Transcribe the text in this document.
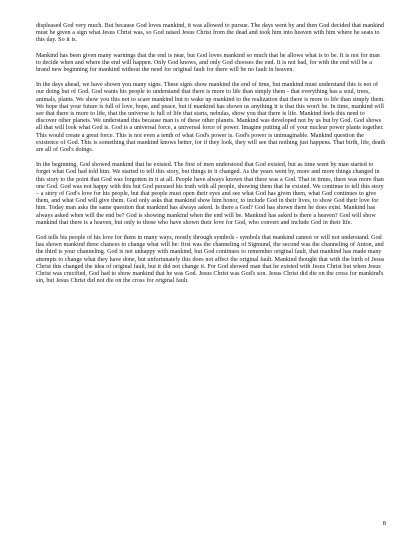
displeased God very much. But because God loves mankind, it was allowed to pursue. The days went by and then God decided that mankind must be given a sign what Jesus Christ was, so God raised Jesus Christ from the dead and took him into heaven with him where he seats to this day. So it is.

Mankind has been given many warnings that the end is near, but God loves mankind so much that he allows what is to be. It is not for man to decide when and where the end will happen. Only God knows, and only God chooses the end. It is not bad, for with the end will be a brand new beginning for mankind without the need for original fault for there will be no fault in heaven.

In the days ahead, we have shown you many signs. These signs show mankind the end of time, but mankind must understand this is not of our doing but of God. God wants his people to understand that there is more to life than simply them - that everything has a soul, trees, animals, plants. We show you this not to scare mankind but to wake up mankind to the realization that there is more to life than simply them. We hope that your future is full of love, hope, and peace, but if mankind has shown us anything it is that this won't be. In time, mankind will see that there is more to life, that the universe is full of life that starts, nebulas, show you that there is life. Mankind feels this need to discover other planets. We understand this because man is of these other planets. Mankind was developed not by us but by God. God shows all that will look what God is. God is a universal force, a universal force of power. Imagine putting all of your nuclear power plants together. This would create a great force. This is not even a tenth of what God's power is. God's power is unimaginable. Mankind question the existence of God. This is something that mankind knows better, for if they look, they will see that nothing just happens. That birth, life, death are all of God's doings.

In the beginning, God showed mankind that he existed. The first of men understood that God existed, but as time went by man started to forget what God had told him. We started to tell this story, but things in it changed. As the years went by, more and more things changed in this story to the point that God was forgotten in it at all. People have always known that there was a God. That in times, there was more than one God. God was not happy with this but God pursued his truth with all people, showing them that he existed. We continue to tell this story – a story of God's love for his people, but that people must open their eyes and see what God has given them, what God continues to give them, and what God will give them. God only asks that mankind show him honor, to include God in their lives, to show God their love for him. Today man asks the same question that mankind has always asked. Is there a God? God has shown them he does exist. Mankind has always asked when will the end be? God is showing mankind when the end will be. Mankind has asked is there a heaven? God will show mankind that there is a heaven, but only to those who have shown their love for God, who convert and include God in their life.

God tells his people of his love for them in many ways, mostly through symbols - symbols that mankind cannot or will not understand. God has shown mankind three chances to change what will be: first was the channeling of Sigmund, the second was the channeling of Anton, and the third is your channeling. God is not unhappy with mankind, but God continues to remember original fault, that mankind has made many attempts to change what they have done, but unfortunately this does not affect the original fault. Mankind thought that with the birth of Jesus Christ this changed the idea of original fault, but it did not change it. For God showed man that he existed with Jesus Christ but when Jesus Christ was crucified, God had to show mankind that he was God. Jesus Christ was God's son. Jesus Christ did die on the cross for mankind's sin, but Jesus Christ did not die on the cross for original fault.

8
